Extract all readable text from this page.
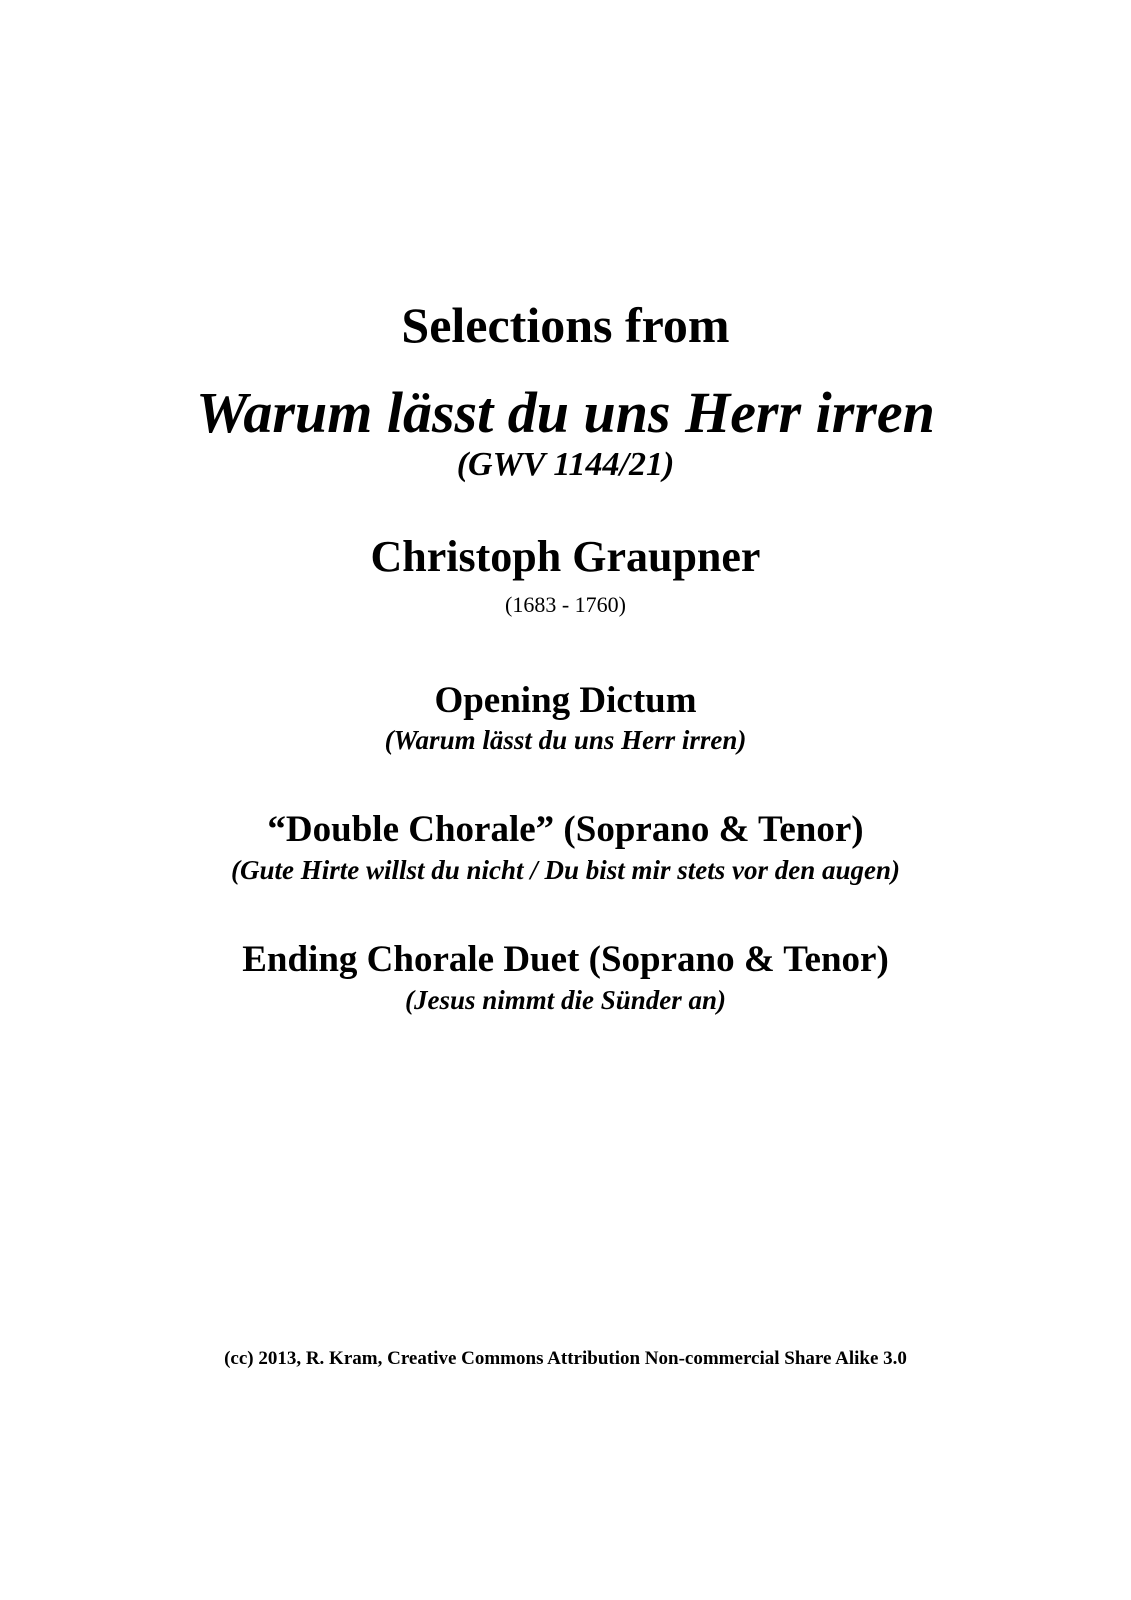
Selections from
Warum lässt du uns Herr irren
(GWV 1144/21)
Christoph Graupner
(1683 - 1760)
Opening Dictum
(Warum lässt du uns Herr irren)
“Double Chorale” (Soprano & Tenor)
(Gute Hirte willst du nicht / Du bist mir stets vor den augen)
Ending Chorale Duet (Soprano & Tenor)
(Jesus nimmt die Sünder an)
(cc) 2013, R. Kram, Creative Commons Attribution Non-commercial Share Alike 3.0
